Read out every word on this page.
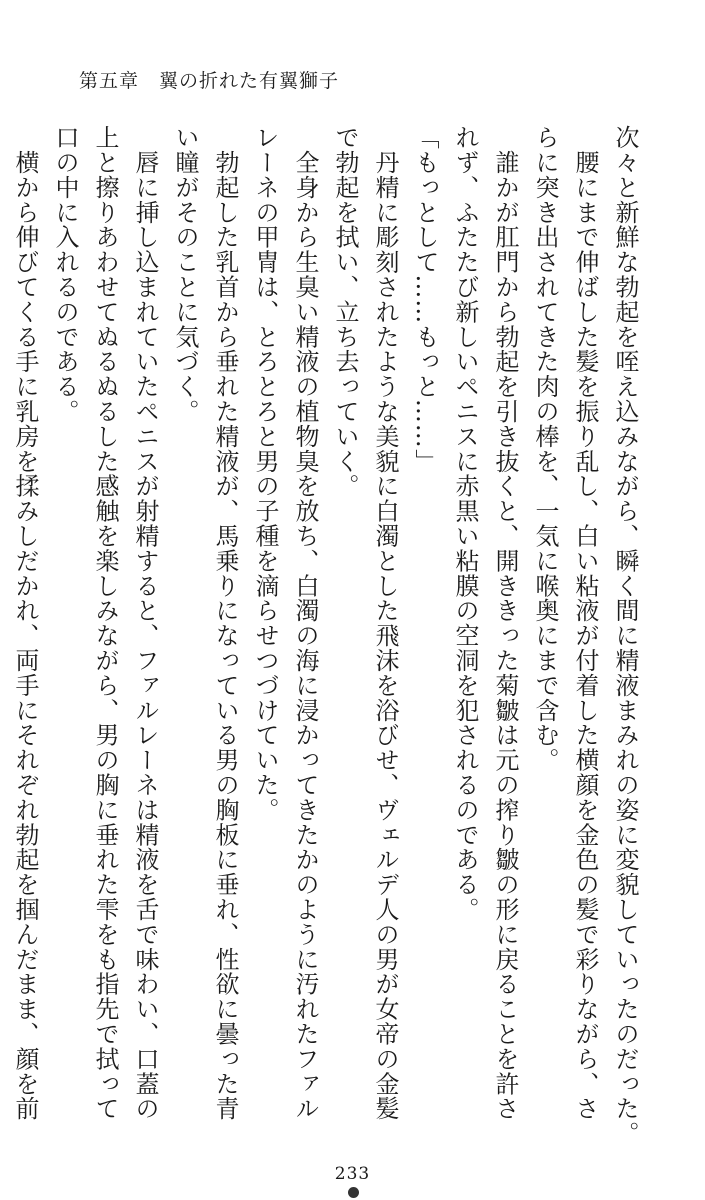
第五章　翼の折れた有翼獅子
次々と新鮮な勃起を咥え込みながら、瞬く間に精液まみれの姿に変貌していったのだった。
　腰にまで伸ばした髪を振り乱し、白い粘液が付着した横顔を金色の髪で彩りながら、さ
らに突き出されてきた肉の棒を、一気に喉奥にまで含む。
　誰かが肛門から勃起を引き抜くと、開ききった菊皺は元の搾り皺の形に戻ることを許さ
れず、ふたたび新しいペニスに赤黒い粘膜の空洞を犯されるのである。
「もっとして……もっと……」
　丹精に彫刻されたような美貌に白濁とした飛沫を浴びせ、ヴェルデ人の男が女帝の金髪
で勃起を拭い、立ち去っていく。
　全身から生臭い精液の植物臭を放ち、白濁の海に浸かってきたかのように汚れたファル
レーネの甲冑は、とろとろと男の子種を滴らせつづけていた。
　勃起した乳首から垂れた精液が、馬乗りになっている男の胸板に垂れ、性欲に曇った青
い瞳がそのことに気づく。
　唇に挿し込まれていたペニスが射精すると、ファルレーネは精液を舌で味わい、口蓋の
上と擦りあわせてぬるぬるした感触を楽しみながら、男の胸に垂れた雫をも指先で拭って
口の中に入れるのである。
　横から伸びてくる手に乳房を揉みしだかれ、両手にそれぞれ勃起を掴んだまま、顔を前
233
